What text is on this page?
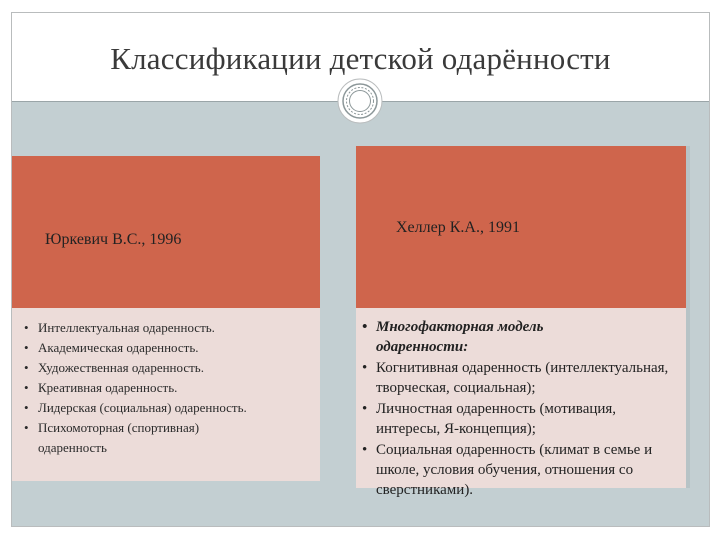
Классификации детской одарённости
Юркевич В.С., 1996
• Интеллектуальная одаренность.
• Академическая одаренность.
• Художественная одаренность.
• Креативная одаренность.
• Лидерская (социальная) одаренность.
• Психомоторная (спортивная) одаренность
Хеллер К.А., 1991
• Многофакторная модель одаренности:
• Когнитивная одаренность (интеллектуальная, творческая, социальная);
• Личностная одаренность (мотивация, интересы, Я-концепция);
• Социальная одаренность (климат в семье и школе, условия обучения, отношения со сверстниками).
